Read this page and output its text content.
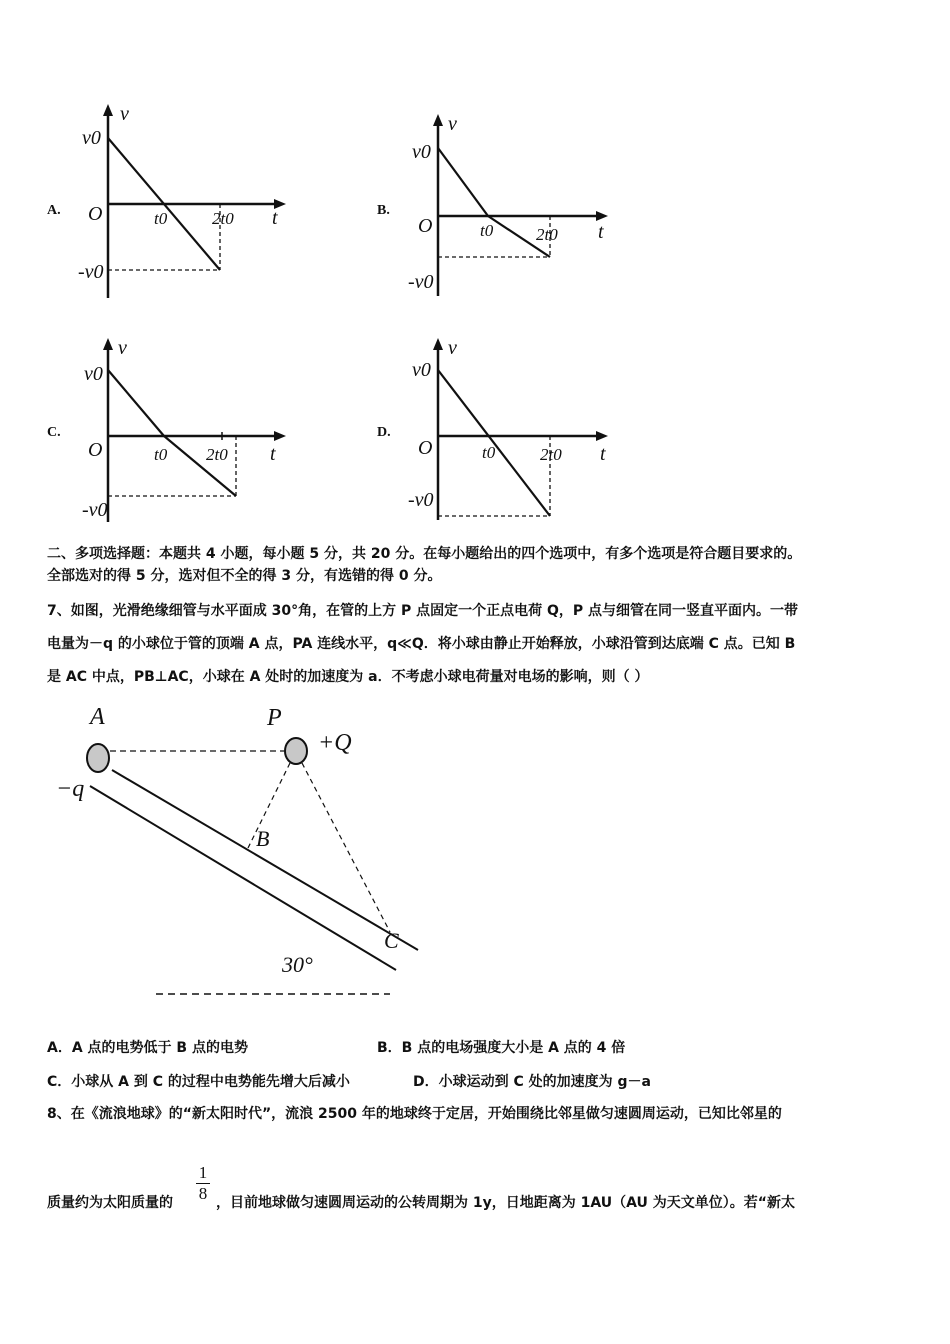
A.
v
v0
O	t0	2t0 t
-v0
B.
v
v0
O	t0	2t0 t
-v0
C.
v
v0
O	t0 2t0 t
-v0
D.
v
v0
O	t0	2t0 t
-v0
二、多项选择题：本题共 4 小题，每小题 5 分，共 20 分。在每小题给出的四个选项中，有多个选项是符合题目要求的。
全部选对的得 5 分，选对但不全的得 3 分，有选错的得 0 分。
7、如图，光滑绝缘细管与水平面成 30°角，在管的上方 P 点固定一个正点电荷 Q，P 点与细管在同一竖直平面内。一带
电量为－q 的小球位于管的顶端 A 点，PA 连线水平，q≪Q．将小球由静止开始释放，小球沿管到达底端 C 点。已知 B
是 AC 中点，PB⊥AC，小球在 A 处时的加速度为 a．不考虑小球电荷量对电场的影响，则（ ）
A	P
+Q
−q
B
C
30°
A．A 点的电势低于 B 点的电势	B．B 点的电场强度大小是 A 点的 4 倍
C．小球从 A 到 C 的过程中电势能先增大后减小	D．小球运动到 C 处的加速度为 g－a
8、在《流浪地球》的“新太阳时代”，流浪 2500 年的地球终于定居，开始围绕比邻星做匀速圆周运动，已知比邻星的
质量约为太阳质量的
1
8 ，目前地球做匀速圆周运动的公转周期为 1y，日地距离为 1AU（AU 为天文单位）。若“新太
